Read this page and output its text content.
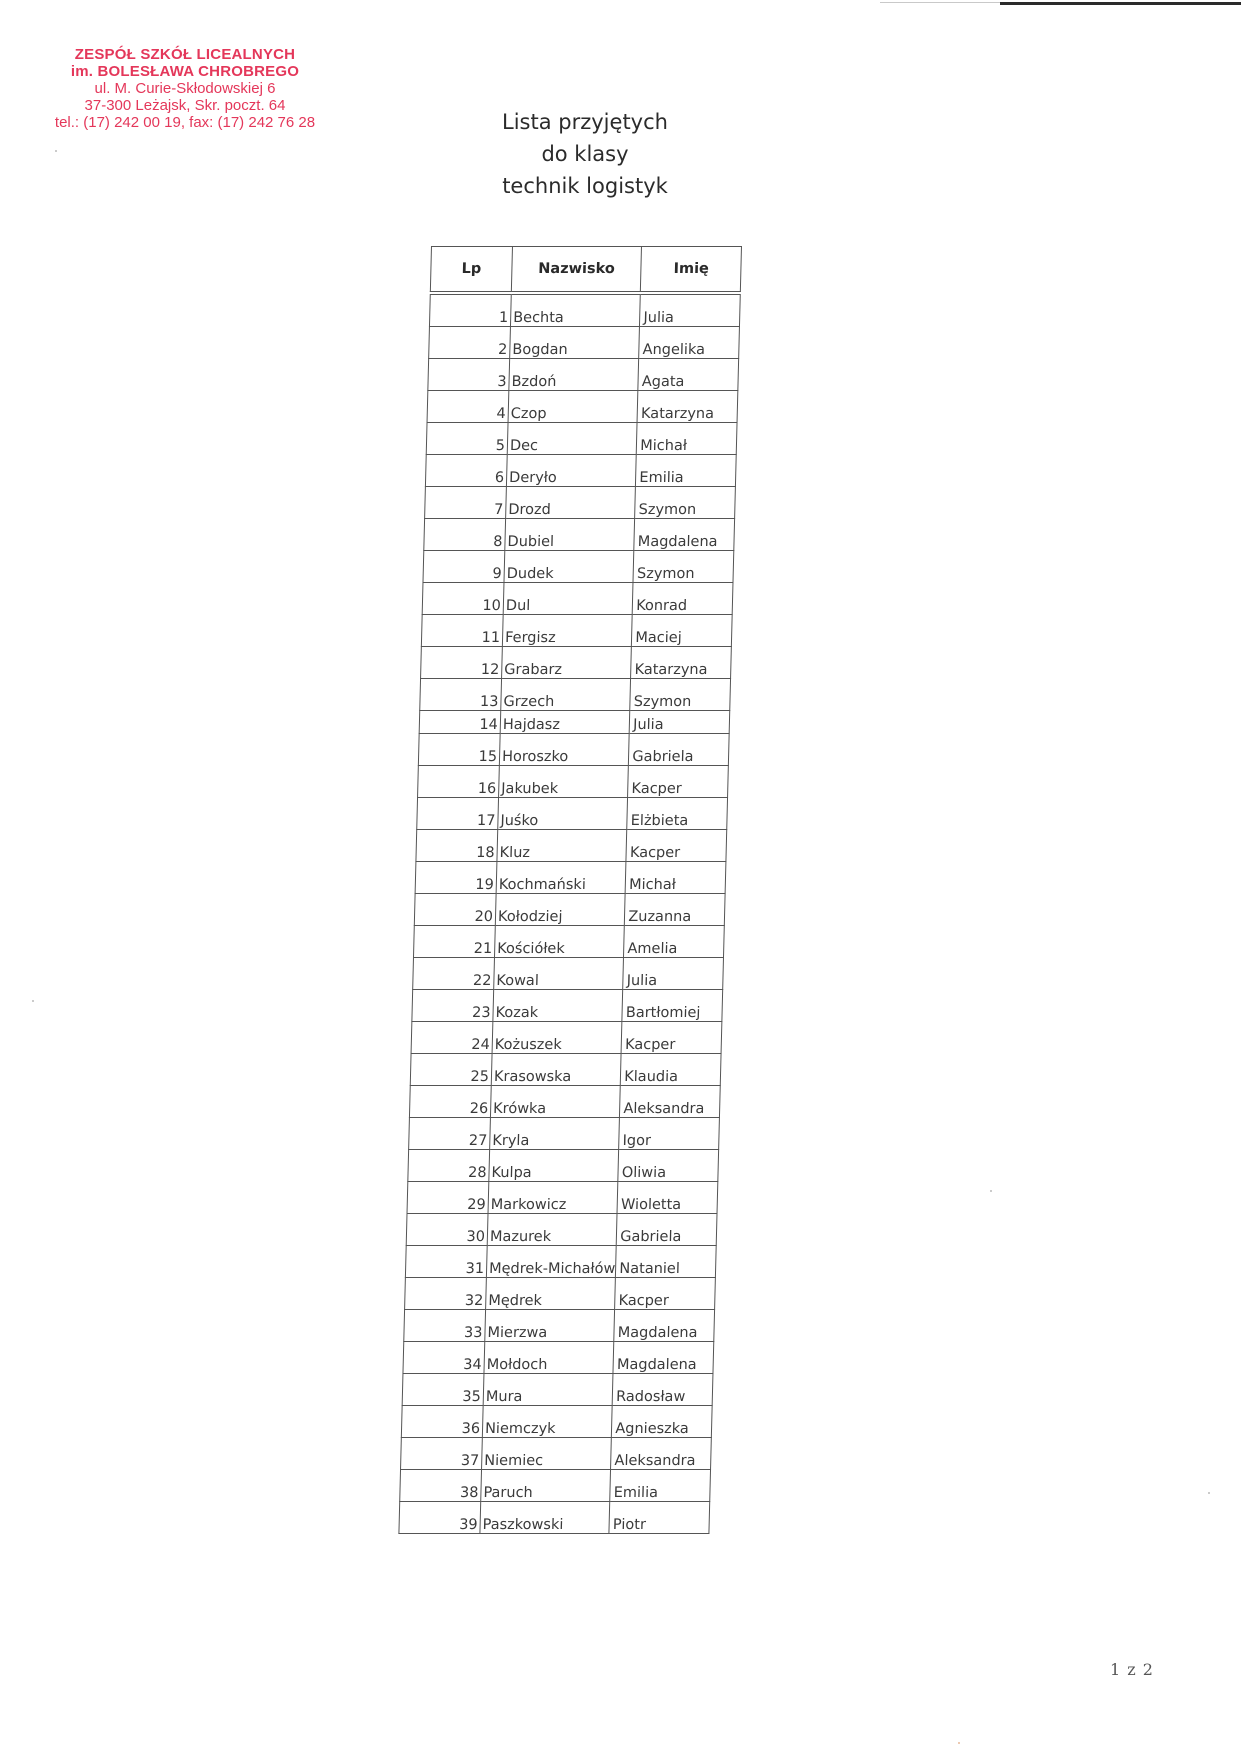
ZESPÓŁ SZKÓŁ LICEALNYCH
im. BOLESŁAWA CHROBREGO
ul. M. Curie-Skłodowskiej 6
37-300 Leżajsk, Skr. poczt. 64
tel.: (17) 242 00 19, fax: (17) 242 76 28	Lista przyjętych
do klasy
technik logistyk
Lp	Nazwisko	Imię

1	Bechta	Julia
2	Bogdan	Angelika
3	Bzdoń	Agata
4	Czop	Katarzyna
5	Dec	Michał
6	Deryło	Emilia
7	Drozd	Szymon
8	Dubiel	Magdalena
9	Dudek	Szymon
10	Dul	Konrad
11	Fergisz	Maciej
12	Grabarz	Katarzyna
13	Grzech	Szymon
14	Hajdasz	Julia
15	Horoszko	Gabriela
16	Jakubek	Kacper
17	Juśko	Elżbieta
18	Kluz	Kacper
19	Kochmański	Michał
20	Kołodziej	Zuzanna
21	Kościółek	Amelia
22	Kowal	Julia
23	Kozak	Bartłomiej
24	Kożuszek	Kacper
25	Krasowska	Klaudia
26	Krówka	Aleksandra
27	Kryla	Igor
28	Kulpa	Oliwia
29	Markowicz	Wioletta
30	Mazurek	Gabriela
31	Mędrek-Michałów	Nataniel
32	Mędrek	Kacper
33	Mierzwa	Magdalena
34	Mołdoch	Magdalena
35	Mura	Radosław
36	Niemczyk	Agnieszka
37	Niemiec	Aleksandra
38	Paruch	Emilia
39	Paszkowski	Piotr
1 z 2
